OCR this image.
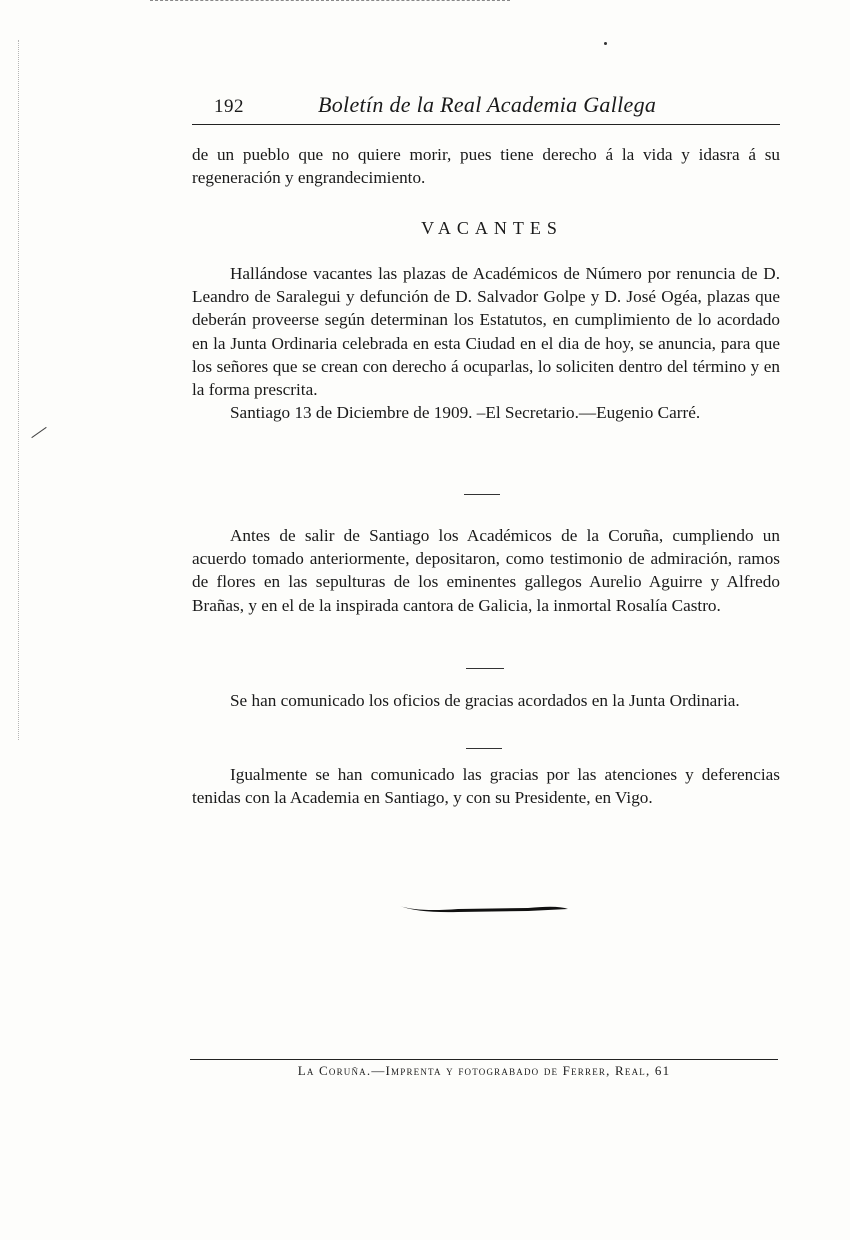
192	Boletín de la Real Academia Gallega

de un pueblo que no quiere morir, pues tiene derecho á la vida y idasra á su regeneración y engrandecimiento.

VACANTES

Hallándose vacantes las plazas de Académicos de Número por renuncia de D. Leandro de Saralegui y defunción de D. Salvador Golpe y D. José Ogéa, plazas que deberán proveerse según determinan los Estatutos, en cumplimiento de lo acordado en la Junta Ordinaria celebrada en esta Ciudad en el dia de hoy, se anuncia, para que los señores que se crean con derecho á ocuparlas, lo soliciten dentro del término y en la forma prescrita.

Santiago 13 de Diciembre de 1909. –El Secretario.—Eugenio Carré.

Antes de salir de Santiago los Académicos de la Coruña, cumpliendo un acuerdo tomado anteriormente, depositaron, como testimonio de admiración, ramos de flores en las sepulturas de los eminentes gallegos Aurelio Aguirre y Alfredo Brañas, y en el de la inspirada cantora de Galicia, la inmortal Rosalía Castro.

Se han comunicado los oficios de gracias acordados en la Junta Ordinaria.

Igualmente se han comunicado las gracias por las atenciones y deferencias tenidas con la Academia en Santiago, y con su Presidente, en Vigo.

La Coruña.—Imprenta y fotograbado de Ferrer, Real, 61
